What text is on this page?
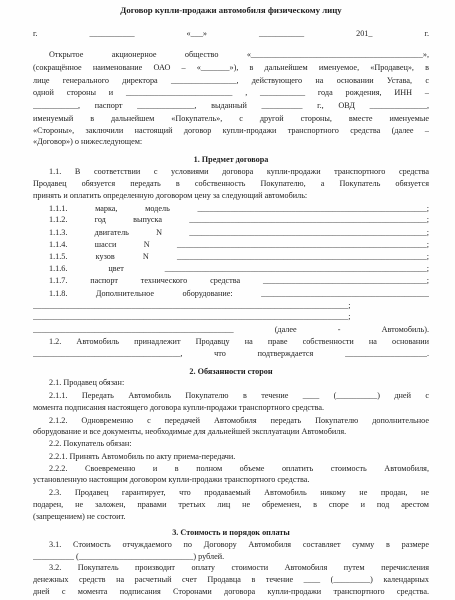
Договор купли-продажи автомобиля физическому лицу
г. ___________ «___» ___________ 201_ г.
Открытое акционерное общество «__________________________________________»,
(сокращённое наименование ОАО – «_______»), в дальнейшем именуемое, «Продавец», в
лице генерального директора ________________, действующего на основании Устава, с
одной стороны и __________________________ , ___________ года рождения, ИНН –
___________, паспорт ______________, выданный __________ г., ОВД ______________,
именуемый в дальнейшем «Покупатель», с другой стороны, вместе именуемые
«Стороны», заключили настоящий договор купли-продажи транспортного средства (далее –
«Договор») о нижеследующем:
1. Предмет договора
1.1. В соответствии с условиями договора купли-продажи транспортного средства
Продавец обязуется передать в собственность Покупателю, а Покупатель обязуется
принять и оплатить определенную договором цену за следующий автомобиль:
1.1.1. марка, модель ________________________________________________________;
1.1.2. год выпуска __________________________________________________________;
1.1.3. двигатель N __________________________________________________________;
1.1.4. шасси N _____________________________________________________________;
1.1.5. кузов N _____________________________________________________________;
1.1.6. цвет ________________________________________________________________;
1.1.7. паспорт технического средства ________________________________________;
1.1.8. Дополнительное оборудование: _________________________________________
_____________________________________________________________________________;
_____________________________________________________________________________;
_________________________________________________ (далее - Автомобиль).
1.2. Автомобиль принадлежит Продавцу на праве собственности на основании
____________________________________, что подтверждается ____________________.
2. Обязанности сторон
2.1. Продавец обязан:
2.1.1. Передать Автомобиль Покупателю в течение ____ (__________) дней с
момента подписания настоящего договора купли-продажи транспортного средства.
2.1.2. Одновременно с передачей Автомобиля передать Покупателю дополнительное
оборудование и все документы, необходимые для дальнейшей эксплуатации Автомобиля.
2.2. Покупатель обязан:
2.2.1. Принять Автомобиль по акту приема-передачи.
2.2.2. Своевременно и в полном объеме оплатить стоимость Автомобиля,
установленную настоящим договором купли-продажи транспортного средства.
2.3. Продавец гарантирует, что продаваемый Автомобиль никому не продан, не
подарен, не заложен, правами третьих лиц не обременен, в споре и под арестом
(запрещением) не состоит.
3. Стоимость и порядок оплаты
3.1. Стоимость отчуждаемого по Договору Автомобиля составляет сумму в размере
__________ (____________________________) рублей.
3.2. Покупатель производит оплату стоимости Автомобиля путем перечисления
денежных средств на расчетный счет Продавца в течение ____ (_________) календарных
дней с момента подписания Сторонами договора купли-продажи транспортного средства.
